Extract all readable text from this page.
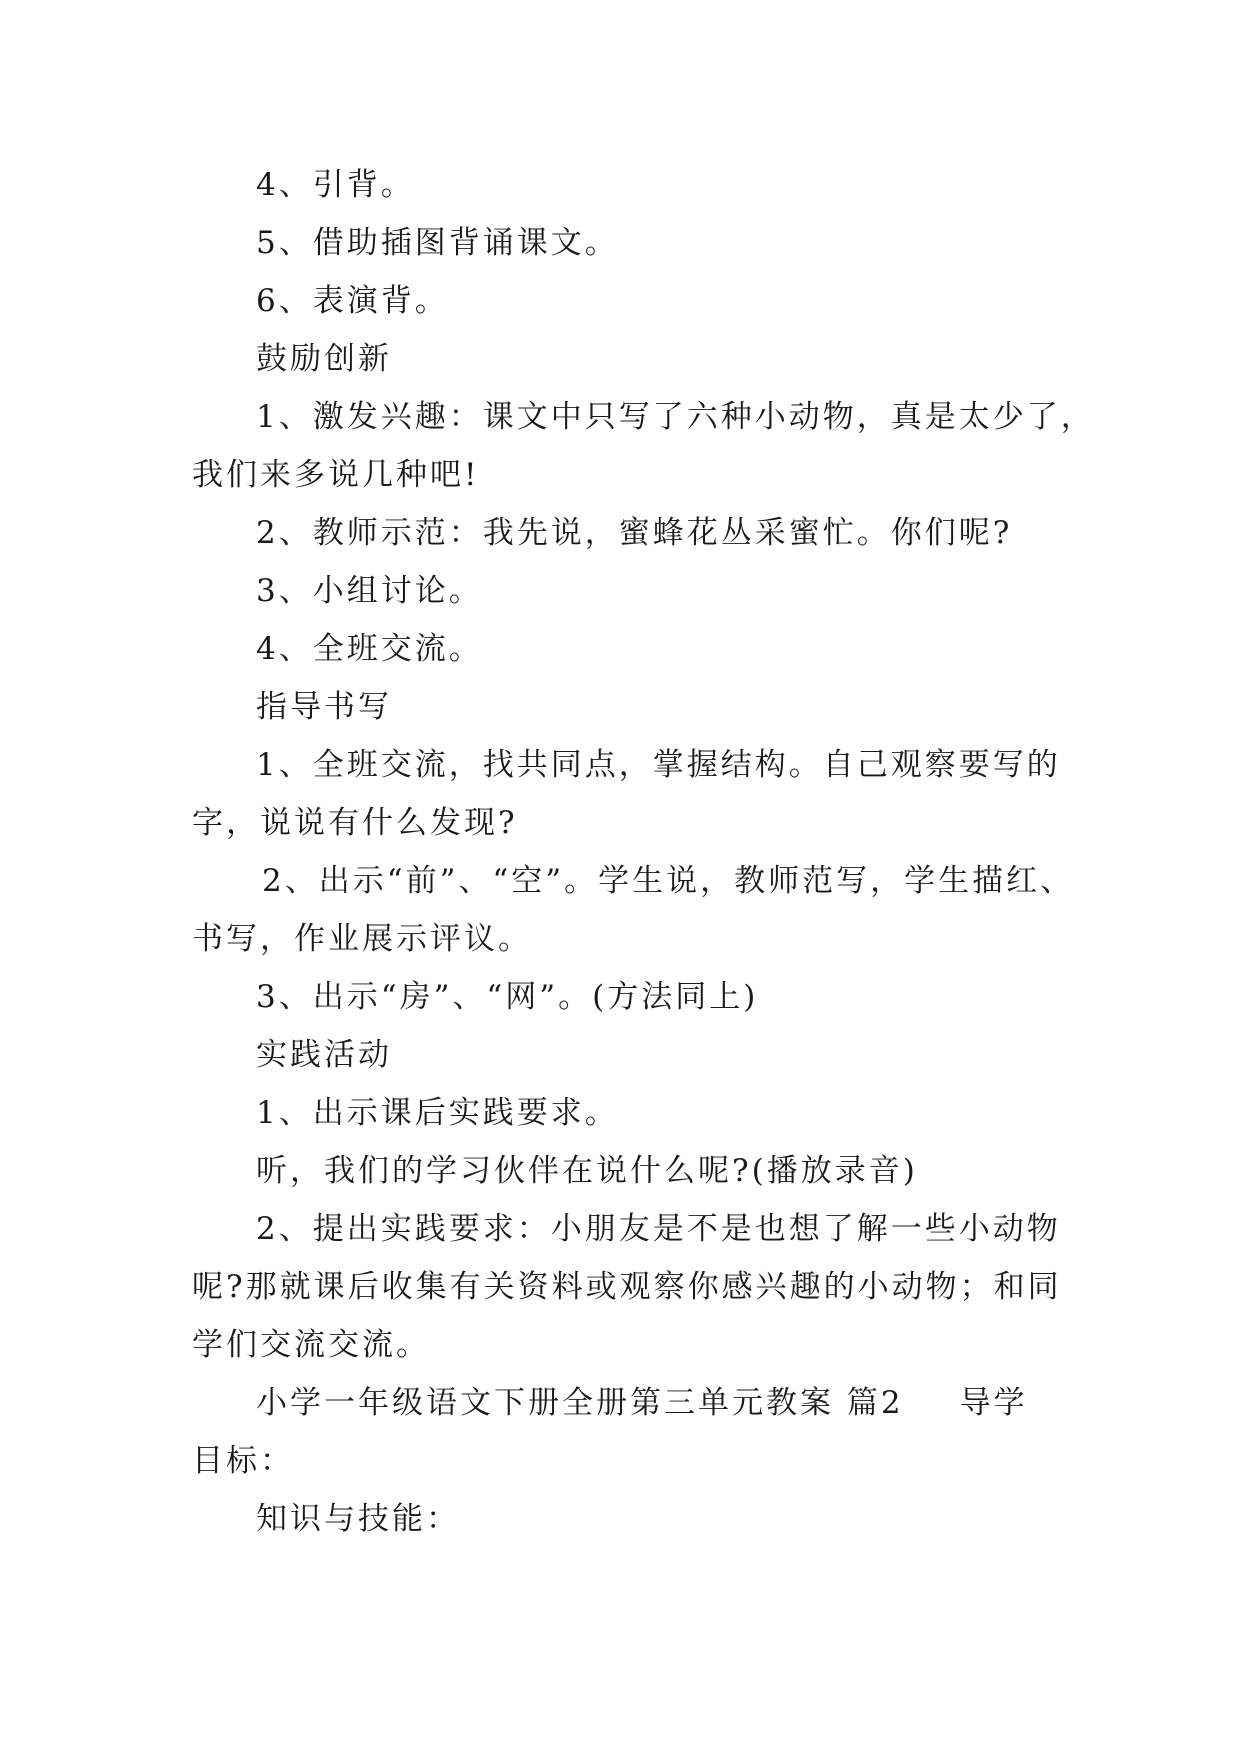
4、引背。

5、借助插图背诵课文。

6、表演背。

鼓励创新

1、激发兴趣：课文中只写了六种小动物，真是太少了，

我们来多说几种吧!

2、教师示范：我先说，蜜蜂花丛采蜜忙。你们呢?

3、小组讨论。

4、全班交流。

指导书写

1、全班交流，找共同点，掌握结构。自己观察要写的

字，说说有什么发现?

2、出示“前”、“空”。学生说，教师范写，学生描红、

书写，作业展示评议。

3、出示“房”、“网”。(方法同上)

实践活动

1、出示课后实践要求。

听，我们的学习伙伴在说什么呢?(播放录音)

2、提出实践要求：小朋友是不是也想了解一些小动物

呢?那就课后收集有关资料或观察你感兴趣的小动物；和同

学们交流交流。

小学一年级语文下册全册第三单元教案 篇2 导学

目标：

知识与技能：
